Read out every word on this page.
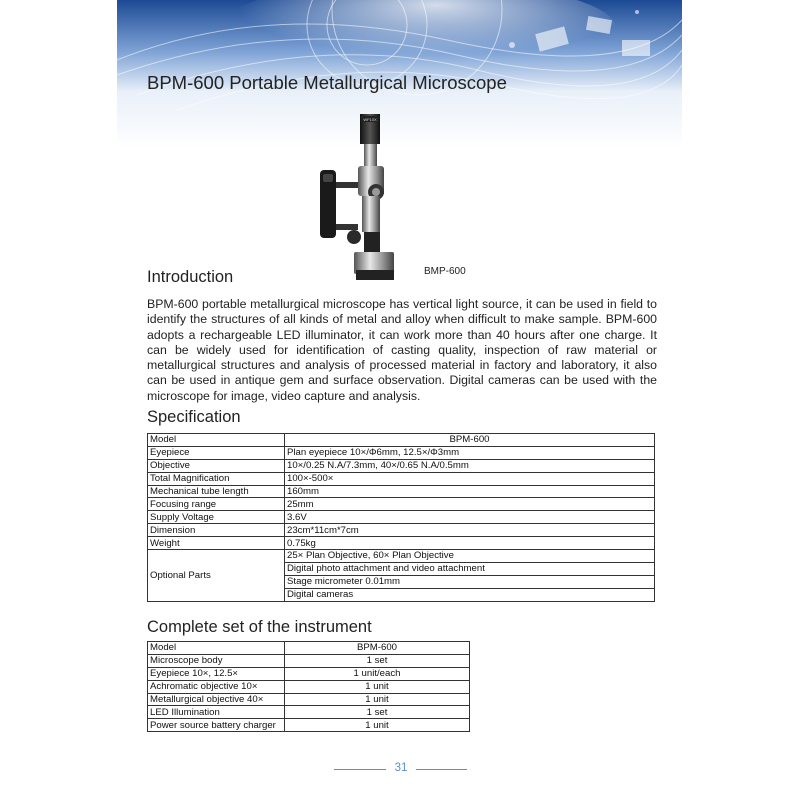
BPM-600 Portable Metallurgical Microscope
WF10X
BMP-600
Introduction

BPM-600 portable metallurgical microscope has vertical light source, it can be used in field to identify the structures of all kinds of metal and alloy when difficult to make sample. BPM-600 adopts a rechargeable LED illuminator, it can work more than 40 hours after one charge. It can be widely used for identification of casting quality, inspection of raw material or metallurgical structures and analysis of processed material in factory and laboratory, it also can be used in antique gem and surface observation. Digital cameras can be used with the microscope for image, video capture and analysis.

Specification
Model	BPM-600
Eyepiece	Plan eyepiece 10×/Φ6mm, 12.5×/Φ3mm
Objective	10×/0.25 N.A/7.3mm, 40×/0.65 N.A/0.5mm
Total Magnification	100×-500×
Mechanical tube length	160mm
Focusing range	25mm
Supply Voltage	3.6V
Dimension	23cm*11cm*7cm
Weight	0.75kg
Optional Parts	25× Plan Objective, 60× Plan Objective
	Digital photo attachment and video attachment
	Stage micrometer 0.01mm
	Digital cameras
Complete set of the instrument
Model	BPM-600
Microscope body	1 set
Eyepiece 10×, 12.5×	1 unit/each
Achromatic objective 10×	1 unit
Metallurgical objective 40×	1 unit
LED Illumination	1 set
Power source battery charger	1 unit
31
